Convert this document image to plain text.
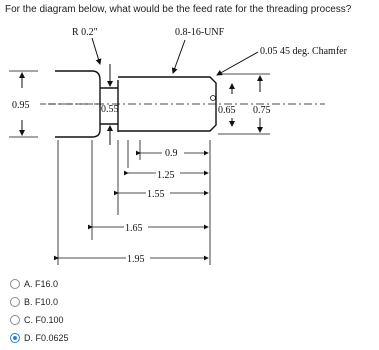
For the diagram below, what would be the feed rate for the threading process?
R 0.2"	0.8-16-UNF
0.05 45 deg. Chamfer
0.95	0.55	0.65 0.75
0.9
1.25
1.55
1.65
1.95
A. F16.0
B. F10.0
C. F0.100
D. F0.0625
